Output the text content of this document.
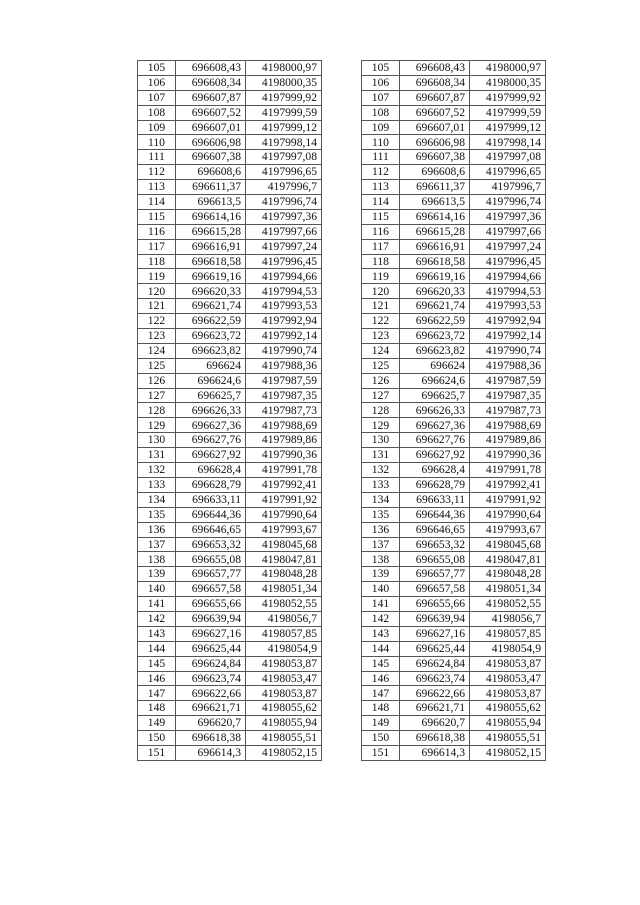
105	696608,43	4198000,97
106	696608,34	4198000,35
107	696607,87	4197999,92
108	696607,52	4197999,59
109	696607,01	4197999,12
110	696606,98	4197998,14
111	696607,38	4197997,08
112	696608,6	4197996,65
113	696611,37	4197996,7
114	696613,5	4197996,74
115	696614,16	4197997,36
116	696615,28	4197997,66
117	696616,91	4197997,24
118	696618,58	4197996,45
119	696619,16	4197994,66
120	696620,33	4197994,53
121	696621,74	4197993,53
122	696622,59	4197992,94
123	696623,72	4197992,14
124	696623,82	4197990,74
125	696624	4197988,36
126	696624,6	4197987,59
127	696625,7	4197987,35
128	696626,33	4197987,73
129	696627,36	4197988,69
130	696627,76	4197989,86
131	696627,92	4197990,36
132	696628,4	4197991,78
133	696628,79	4197992,41
134	696633,11	4197991,92
135	696644,36	4197990,64
136	696646,65	4197993,67
137	696653,32	4198045,68
138	696655,08	4198047,81
139	696657,77	4198048,28
140	696657,58	4198051,34
141	696655,66	4198052,55
142	696639,94	4198056,7
143	696627,16	4198057,85
144	696625,44	4198054,9
145	696624,84	4198053,87
146	696623,74	4198053,47
147	696622,66	4198053,87
148	696621,71	4198055,62
149	696620,7	4198055,94
150	696618,38	4198055,51
151	696614,3	4198052,15
105	696608,43	4198000,97
106	696608,34	4198000,35
107	696607,87	4197999,92
108	696607,52	4197999,59
109	696607,01	4197999,12
110	696606,98	4197998,14
111	696607,38	4197997,08
112	696608,6	4197996,65
113	696611,37	4197996,7
114	696613,5	4197996,74
115	696614,16	4197997,36
116	696615,28	4197997,66
117	696616,91	4197997,24
118	696618,58	4197996,45
119	696619,16	4197994,66
120	696620,33	4197994,53
121	696621,74	4197993,53
122	696622,59	4197992,94
123	696623,72	4197992,14
124	696623,82	4197990,74
125	696624	4197988,36
126	696624,6	4197987,59
127	696625,7	4197987,35
128	696626,33	4197987,73
129	696627,36	4197988,69
130	696627,76	4197989,86
131	696627,92	4197990,36
132	696628,4	4197991,78
133	696628,79	4197992,41
134	696633,11	4197991,92
135	696644,36	4197990,64
136	696646,65	4197993,67
137	696653,32	4198045,68
138	696655,08	4198047,81
139	696657,77	4198048,28
140	696657,58	4198051,34
141	696655,66	4198052,55
142	696639,94	4198056,7
143	696627,16	4198057,85
144	696625,44	4198054,9
145	696624,84	4198053,87
146	696623,74	4198053,47
147	696622,66	4198053,87
148	696621,71	4198055,62
149	696620,7	4198055,94
150	696618,38	4198055,51
151	696614,3	4198052,15
